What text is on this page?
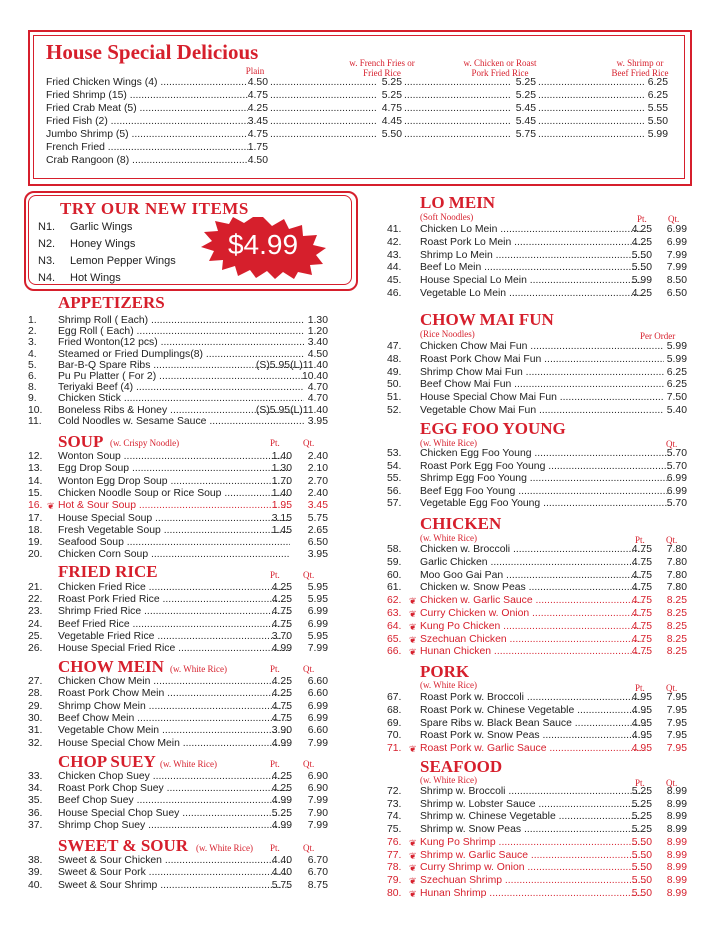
House Special Delicious
Plain
w. French Fries or
Fried Rice
w. Chicken or Roast
Pork Fried Rice
w. Shrimp or
Beef Fried Rice
Fried Chicken Wings (4) .....	4.50 .....	5.25 .....	5.25 .....	6.25
Fried Shrimp (15) .....	4.75 .....	5.25 .....	5.25 .....	6.25
Fried Crab Meat (5) .....	4.25 .....	4.75 .....	5.45 .....	5.55
Fried Fish (2) .....	3.45 .....	4.45 .....	5.45 .....	5.50
Jumbo Shrimp (5) .....	4.75 .....	5.50 .....	5.75 .....	5.99
French Fried .....	1.75
Crab Rangoon (8) .....	4.50
TRY OUR NEW ITEMS
N1. Garlic Wings
N2. Honey Wings
N3. Lemon Pepper Wings
N4. Hot Wings
$4.99
APPETIZERS
SOUP (w. Crispy Noodle)	Pt.	Qt.
FRIED RICE	Pt.	Qt.
CHOW MEIN (w. White Rice)	Pt.	Qt.
CHOP SUEY (w. White Rice)	Pt.	Qt.
SWEET & SOUR (w. White Rice) Pt.	Qt.
LO MEIN
(Soft Noodles)	Pt. Qt.
CHOW MAI FUN
(Rice Noodles)	Per Order
EGG FOO YOUNG
(w. White Rice)	Qt.
CHICKEN
(w. White Rice)	Pt. Qt.
PORK
(w. White Rice)	Pt. Qt.
SEAFOOD
(w. White Rice)	Pt. Qt.
1. Shrimp Roll ( Each) .....	1.30
2. Egg Roll ( Each) .....	1.20
3. Fried Wonton(12 pcs) .....	3.40
4. Steamed or Fried Dumplings(8) .....	4.50
5. Bar-B-Q Spare Ribs .....	(S)5.95 (L)11.40
6. Pu Pu Platter ( For 2) .....	10.40
8. Teriyaki Beef (4) .....	4.70
9. Chicken Stick .....	4.70
10. Boneless Ribs & Honey .....	(S)5.95 (L)11.40
11. Cold Noodles w. Sesame Sauce .....	3.95
12. Wonton Soup .....	1.40	2.40
13. Egg Drop Soup .....	1.30	2.10
14. Wonton Egg Drop Soup .....	1.70	2.70
15. Chicken Noodle Soup or Rice Soup .....	1.40	2.40
16. ❦ Hot & Sour Soup .....	1.95	3.45
17. House Special Soup .....	3.15	5.75
18. Fresh Vegetable Soup .....	1.45	2.65
19. Seafood Soup .....	6.50
20. Chicken Corn Soup .....	3.95
21. Chicken Fried Rice .....	4.25	5.95
22. Roast Pork Fried Rice .....	4.25	5.95
23. Shrimp Fried Rice .....	4.75	6.99
24. Beef Fried Rice .....	4.75	6.99
25. Vegetable Fried Rice .....	3.70	5.95
26. House Special Fried Rice .....	4.99	7.99
27. Chicken Chow Mein .....	4.25	6.60
28. Roast Pork Chow Mein .....	4.25	6.60
29. Shrimp Chow Mein .....	4.75	6.99
30. Beef Chow Mein .....	4.75	6.99
31. Vegetable Chow Mein .....	3.90	6.60
32. House Special Chow Mein .....	4.99	7.99
33. Chicken Chop Suey .....	4.25	6.90
34. Roast Pork Chop Suey .....	4.25	6.90
35. Beef Chop Suey .....	4.99	7.99
36. House Special Chop Suey .....	5.25	7.90
37. Shrimp Chop Suey .....	4.99	7.99
38. Sweet & Sour Chicken .....	4.40	6.70
39. Sweet & Sour Pork .....	4.40	6.70
40. Sweet & Sour Shrimp .....	5.75	8.75
41. Chicken Lo Mein .....	4.25	6.99
42. Roast Pork Lo Mein .....	4.25	6.99
43. Shrimp Lo Mein .....	5.50	7.99
44. Beef Lo Mein .....	5.50	7.99
45. House Special Lo Mein .....	5.99	8.50
46. Vegetable Lo Mein .....	4.25	6.50
47. Chicken Chow Mai Fun .....	5.99
48. Roast Pork Chow Mai Fun .....	5.99
49. Shrimp Chow Mai Fun .....	6.25
50. Beef Chow Mai Fun .....	6.25
51. House Special Chow Mai Fun .....	7.50
52. Vegetable Chow Mai Fun .....	5.40
53. Chicken Egg Foo Young .....	5.70
54. Roast Pork Egg Foo Young .....	5.70
55. Shrimp Egg Foo Young .....	6.99
56. Beef Egg Foo Young .....	6.99
57. Vegetable Egg Foo Young .....	5.70
58. Chicken w. Broccoli .....	4.75	7.80
59. Garlic Chicken .....	4.75	7.80
60. Moo Goo Gai Pan .....	4.75	7.80
61. Chicken w. Snow Peas .....	4.75	7.80
62. ❦ Chicken w. Garlic Sauce .....	4.75	8.25
63. ❦ Curry Chicken w. Onion .....	4.75	8.25
64. ❦ Kung Po Chicken .....	4.75	8.25
65. ❦ Szechuan Chicken .....	4.75	8.25
66. ❦ Hunan Chicken .....	4.75	8.25
67. Roast Pork w. Broccoli .....	4.95	7.95
68. Roast Pork w. Chinese Vegetable .....	4.95	7.95
69. Spare Ribs w. Black Bean Sauce .....	4.95	7.95
70. Roast Pork w. Snow Peas .....	4.95	7.95
71. ❦ Roast Pork w. Garlic Sauce .....	4.95	7.95
72. Shrimp w. Broccoli .....	5.25	8.99
73. Shrimp w. Lobster Sauce .....	5.25	8.99
74. Shrimp w. Chinese Vegetable .....	5.25	8.99
75. Shrimp w. Snow Peas .....	5.25	8.99
76. ❦ Kung Po Shrimp .....	5.50	8.99
77. ❦ Shrimp w. Garlic Sauce .....	5.50	8.99
78. ❦ Curry Shrimp w. Onion .....	5.50	8.99
79. ❦ Szechuan Shrimp .....	5.50	8.99
80. ❦ Hunan Shrimp .....	5.50	8.99
